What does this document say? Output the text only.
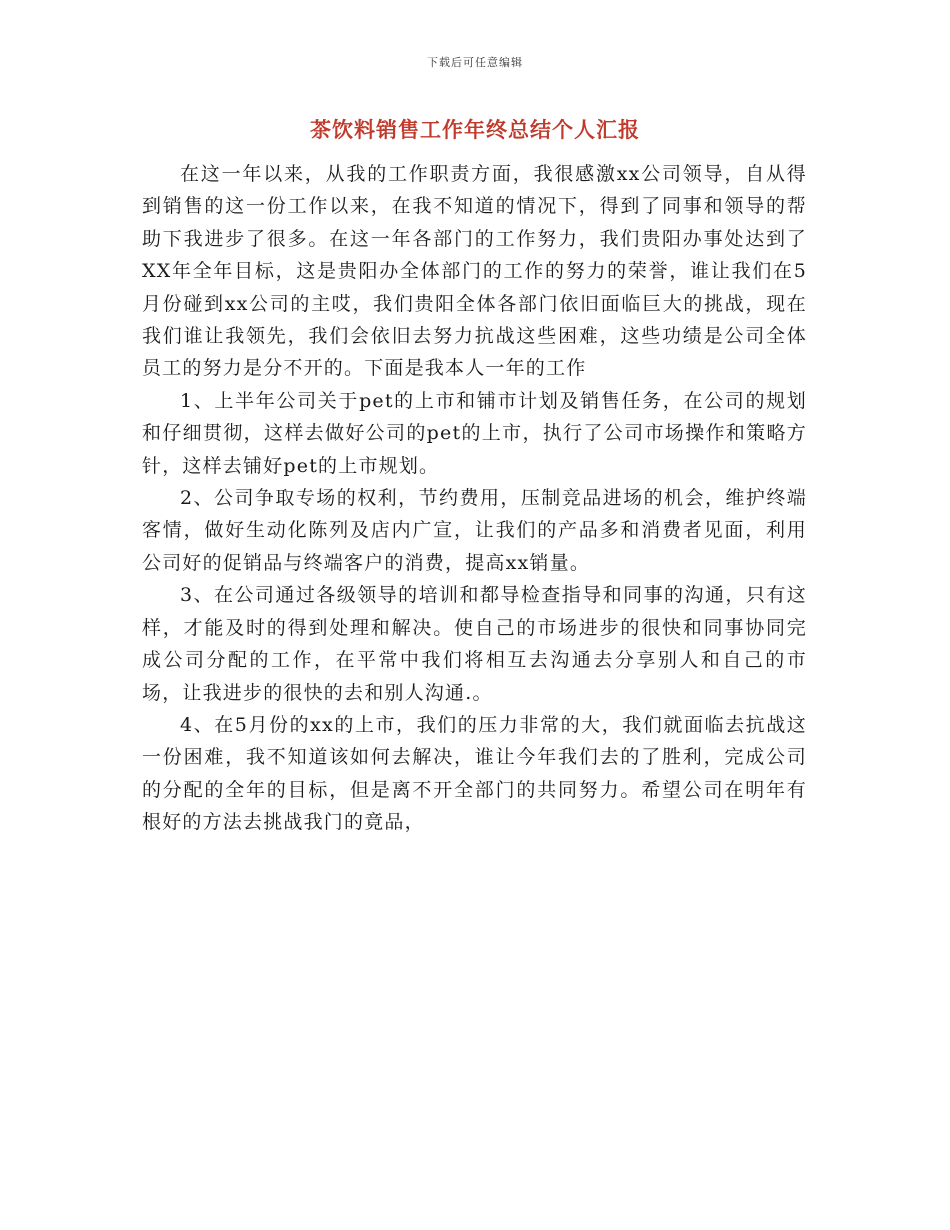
下载后可任意编辑
茶饮料销售工作年终总结个人汇报

在这一年以来，从我的工作职责方面，我很感激xx公司领导，自从得到销售的这一份工作以来，在我不知道的情况下，得到了同事和领导的帮助下我进步了很多。在这一年各部门的工作努力，我们贵阳办事处达到了XX年全年目标，这是贵阳办全体部门的工作的努力的荣誉，谁让我们在5月份碰到xx公司的主哎，我们贵阳全体各部门依旧面临巨大的挑战，现在我们谁让我领先，我们会依旧去努力抗战这些困难，这些功绩是公司全体员工的努力是分不开的。下面是我本人一年的工作

1、上半年公司关于pet的上市和铺市计划及销售任务，在公司的规划和仔细贯彻，这样去做好公司的pet的上市，执行了公司市场操作和策略方针，这样去铺好pet的上市规划。

2、公司争取专场的权利，节约费用，压制竞品进场的机会，维护终端客情，做好生动化陈列及店内广宣，让我们的产品多和消费者见面，利用公司好的促销品与终端客户的消费，提高xx销量。

3、在公司通过各级领导的培训和都导检查指导和同事的沟通，只有这样，才能及时的得到处理和解决。使自己的市场进步的很快和同事协同完成公司分配的工作，在平常中我们将相互去沟通去分享别人和自己的市场，让我进步的很快的去和别人沟通.。

4、在5月份的xx的上市，我们的压力非常的大，我们就面临去抗战这一份困难，我不知道该如何去解决，谁让今年我们去的了胜利，完成公司的分配的全年的目标，但是离不开全部门的共同努力。希望公司在明年有根好的方法去挑战我门的竟品，
